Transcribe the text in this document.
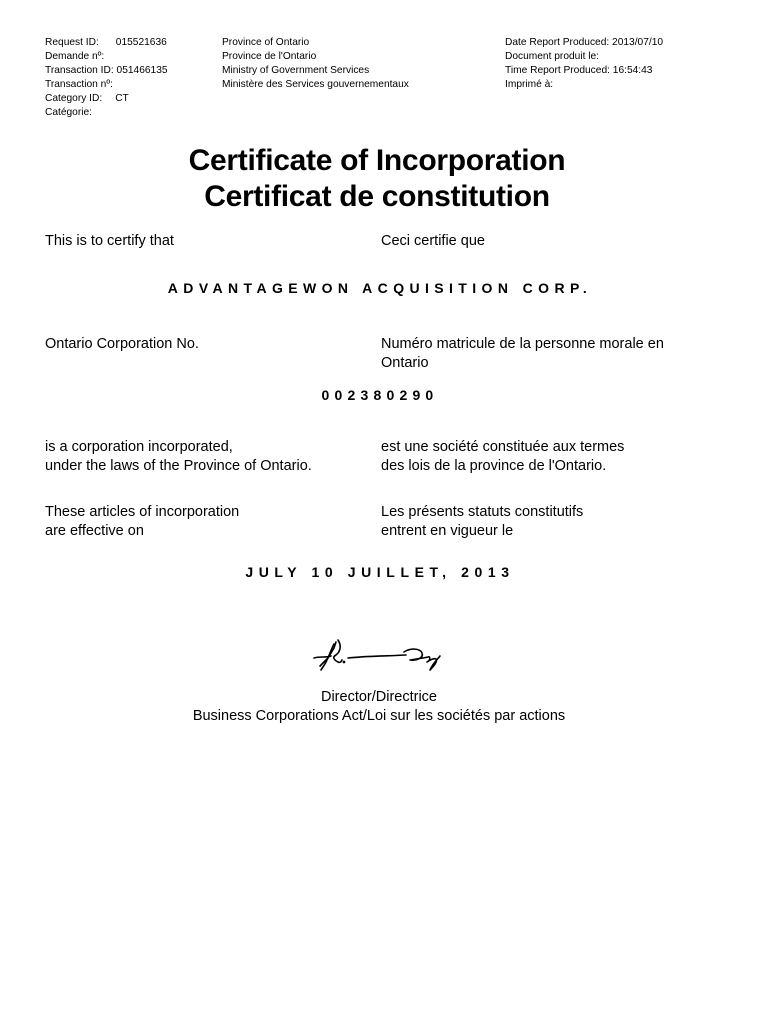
Request ID: 015521636
Demande nº:
Transaction ID: 051466135
Transaction nº:
Category ID: CT
Catégorie:
Province of Ontario
Province de l'Ontario
Ministry of Government Services
Ministère des Services gouvernementaux
Date Report Produced: 2013/07/10
Document produit le:
Time Report Produced: 16:54:43
Imprimé à:
Certificate of Incorporation
Certificat de constitution
This is to certify that	Ceci certifie que
ADVANTAGEWON ACQUISITION CORP.
Ontario Corporation No.	Numéro matricule de la personne morale en
Ontario
002380290
is a corporation incorporated,
under the laws of the Province of Ontario.
est une société constituée aux termes
des lois de la province de l'Ontario.
These articles of incorporation
are effective on
Les présents statuts constitutifs
entrent en vigueur le
JULY 10 JUILLET, 2013
Director/Directrice
Business Corporations Act/Loi sur les sociétés par actions
